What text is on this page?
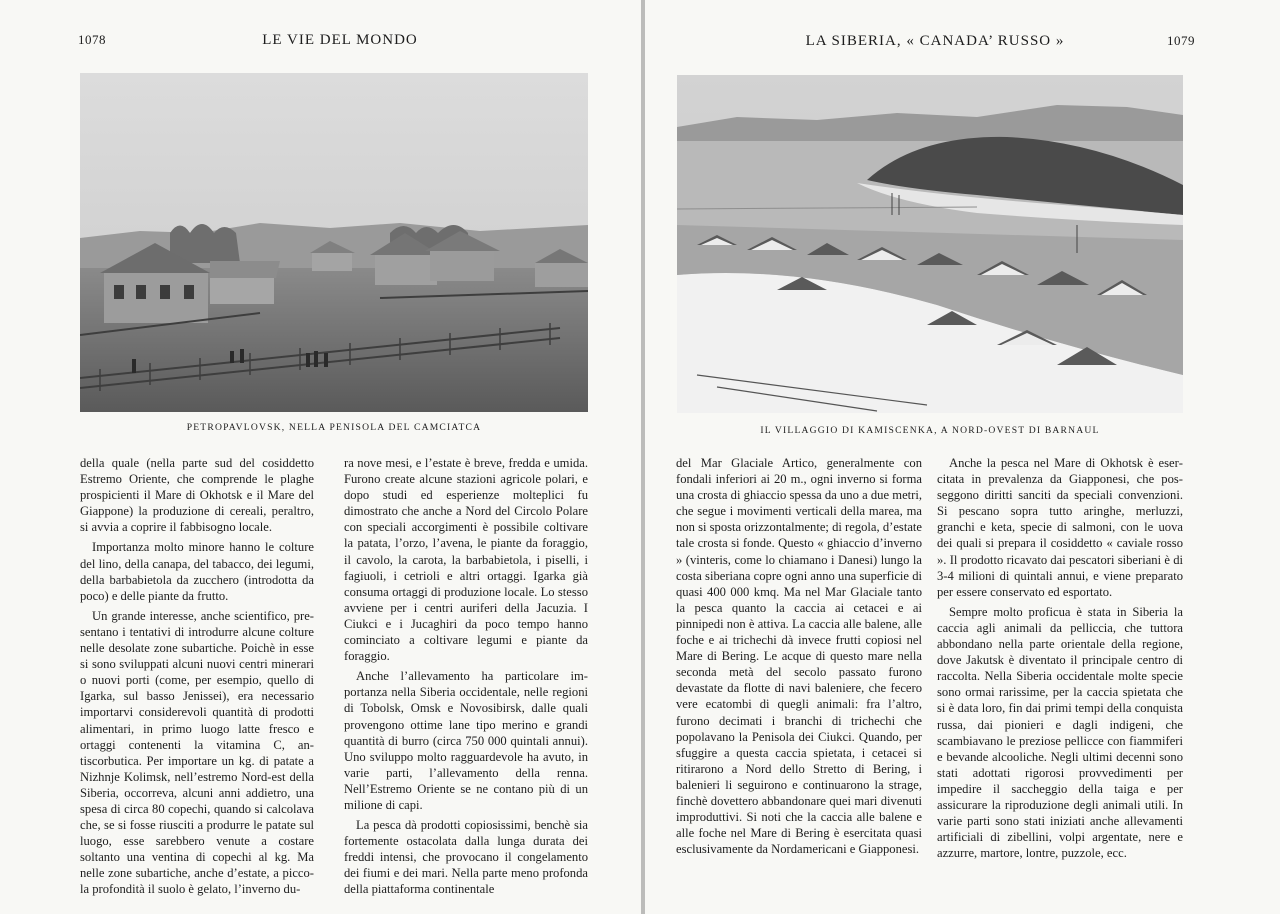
1078	LE VIE DEL MONDO
PETROPAVLOVSK, NELLA PENISOLA DEL CAMCIATCA

della quale (nella parte sud del cosiddetto Estremo Oriente, che comprende le plaghe prospicienti il Mare di Okhotsk e il Mare del Giappone) la produzione di cereali, peraltro, si avvia a coprire il fabbisogno locale.

Importanza molto minore hanno le colture del lino, della canapa, del tabacco, dei legumi, della barbabietola da zucchero (introdotta da poco) e delle piante da frutto.

Un grande interesse, anche scientifico, presentano i tentativi di introdurre alcune colture nelle desolate zone subartiche. Poichè in esse si sono sviluppati alcuni nuovi centri minerari o nuovi porti (come, per esempio, quello di Igarka, sul basso Jenissei), era necessario importarvi considerevoli quantità di prodotti alimentari, in primo luogo latte fresco e ortaggi contenenti la vitamina C, antiscorbutica. Per importare un kg. di patate a Nizhnje Kolimsk, nell’estremo Nord-est della Siberia, occorreva, alcuni anni addietro, una spesa di circa 80 copechi, quando si calcolava che, se si fosse riusciti a produrre le patate sul luogo, esse sarebbero venute a costare soltanto una ventina di copechi al kg. Ma nelle zone subartiche, anche d’estate, a piccola profondità il suolo è gelato, l’inverno du-

ra nove mesi, e l’estate è breve, fredda e umida. Furono create alcune stazioni agricole polari, e dopo studi ed esperienze molteplici fu dimostrato che anche a Nord del Circolo Polare con speciali accorgimenti è possibile coltivare la patata, l’orzo, l’avena, le piante da foraggio, il cavolo, la carota, la barbabietola, i piselli, i fagiuoli, i cetrioli e altri ortaggi. Igarka già consuma ortaggi di produzione locale. Lo stesso avviene per i centri auriferi della Jacuzia. I Ciukci e i Jucaghiri da poco tempo hanno cominciato a coltivare legumi e piante da foraggio.

Anche l’allevamento ha particolare importanza nella Siberia occidentale, nelle regioni di Tobolsk, Omsk e Novosibirsk, dalle quali provengono ottime lane tipo merino e grandi quantità di burro (circa 750 000 quintali annui). Uno sviluppo molto ragguardevole ha avuto, in varie parti, l’allevamento della renna. Nell’Estremo Oriente se ne contano più di un milione di capi.

La pesca dà prodotti copiosissimi, benchè sia fortemente ostacolata dalla lunga durata dei freddi intensi, che provocano il congelamento dei fiumi e dei mari. Nella parte meno profonda della piattaforma continentale

LA SIBERIA, « CANADA’ RUSSO »	1079
IL VILLAGGIO DI KAMISCENKA, A NORD-OVEST DI BARNAUL

del Mar Glaciale Artico, generalmente con fondali inferiori ai 20 m., ogni inverno si forma una crosta di ghiaccio spessa da uno a due metri, che segue i movimenti verticali della marea, ma non si sposta orizzontalmente; di regola, d’estate tale crosta si fonde. Questo « ghiaccio d’inverno » (vinteris, come lo chiamano i Danesi) lungo la costa siberiana copre ogni anno una superficie di quasi 400 000 kmq. Ma nel Mar Glaciale tanto la pesca quanto la caccia ai cetacei e ai pinnipedi non è attiva. La caccia alle balene, alle foche e ai trichechi dà invece frutti copiosi nel Mare di Bering. Le acque di questo mare nella seconda metà del secolo passato furono devastate da flotte di navi baleniere, che fecero vere ecatombi di quegli animali: fra l’altro, furono decimati i branchi di trichechi che popolavano la Penisola dei Ciukci. Quando, per sfuggire a questa caccia spietata, i cetacei si ritirarono a Nord dello Stretto di Bering, i balenieri li seguirono e continuarono la strage, finchè dovettero abbandonare quei mari divenuti improduttivi. Si noti che la caccia alle balene e alle foche nel Mare di Bering è esercitata quasi esclusivamente da Nordamericani e Giapponesi.

Anche la pesca nel Mare di Okhotsk è esercitata in prevalenza da Giapponesi, che posseggono diritti sanciti da speciali convenzioni. Si pescano sopra tutto aringhe, merluzzi, granchi e keta, specie di salmoni, con le uova dei quali si prepara il cosiddetto « caviale rosso ». Il prodotto ricavato dai pescatori siberiani è di 3-4 milioni di quintali annui, e viene preparato per essere conservato ed esportato.

Sempre molto proficua è stata in Siberia la caccia agli animali da pelliccia, che tuttora abbondano nella parte orientale della regione, dove Jakutsk è diventato il principale centro di raccolta. Nella Siberia occidentale molte specie sono ormai rarissime, per la caccia spietata che si è data loro, fin dai primi tempi della conquista russa, dai pionieri e dagli indigeni, che scambiavano le preziose pellicce con fiammiferi e bevande alcooliche. Negli ultimi decenni sono stati adottati rigorosi provvedimenti per impedire il saccheggio della taiga e per assicurare la riproduzione degli animali utili. In varie parti sono stati iniziati anche allevamenti artificiali di zibellini, volpi argentate, nere e azzurre, martore, lontre, puzzole, ecc.
